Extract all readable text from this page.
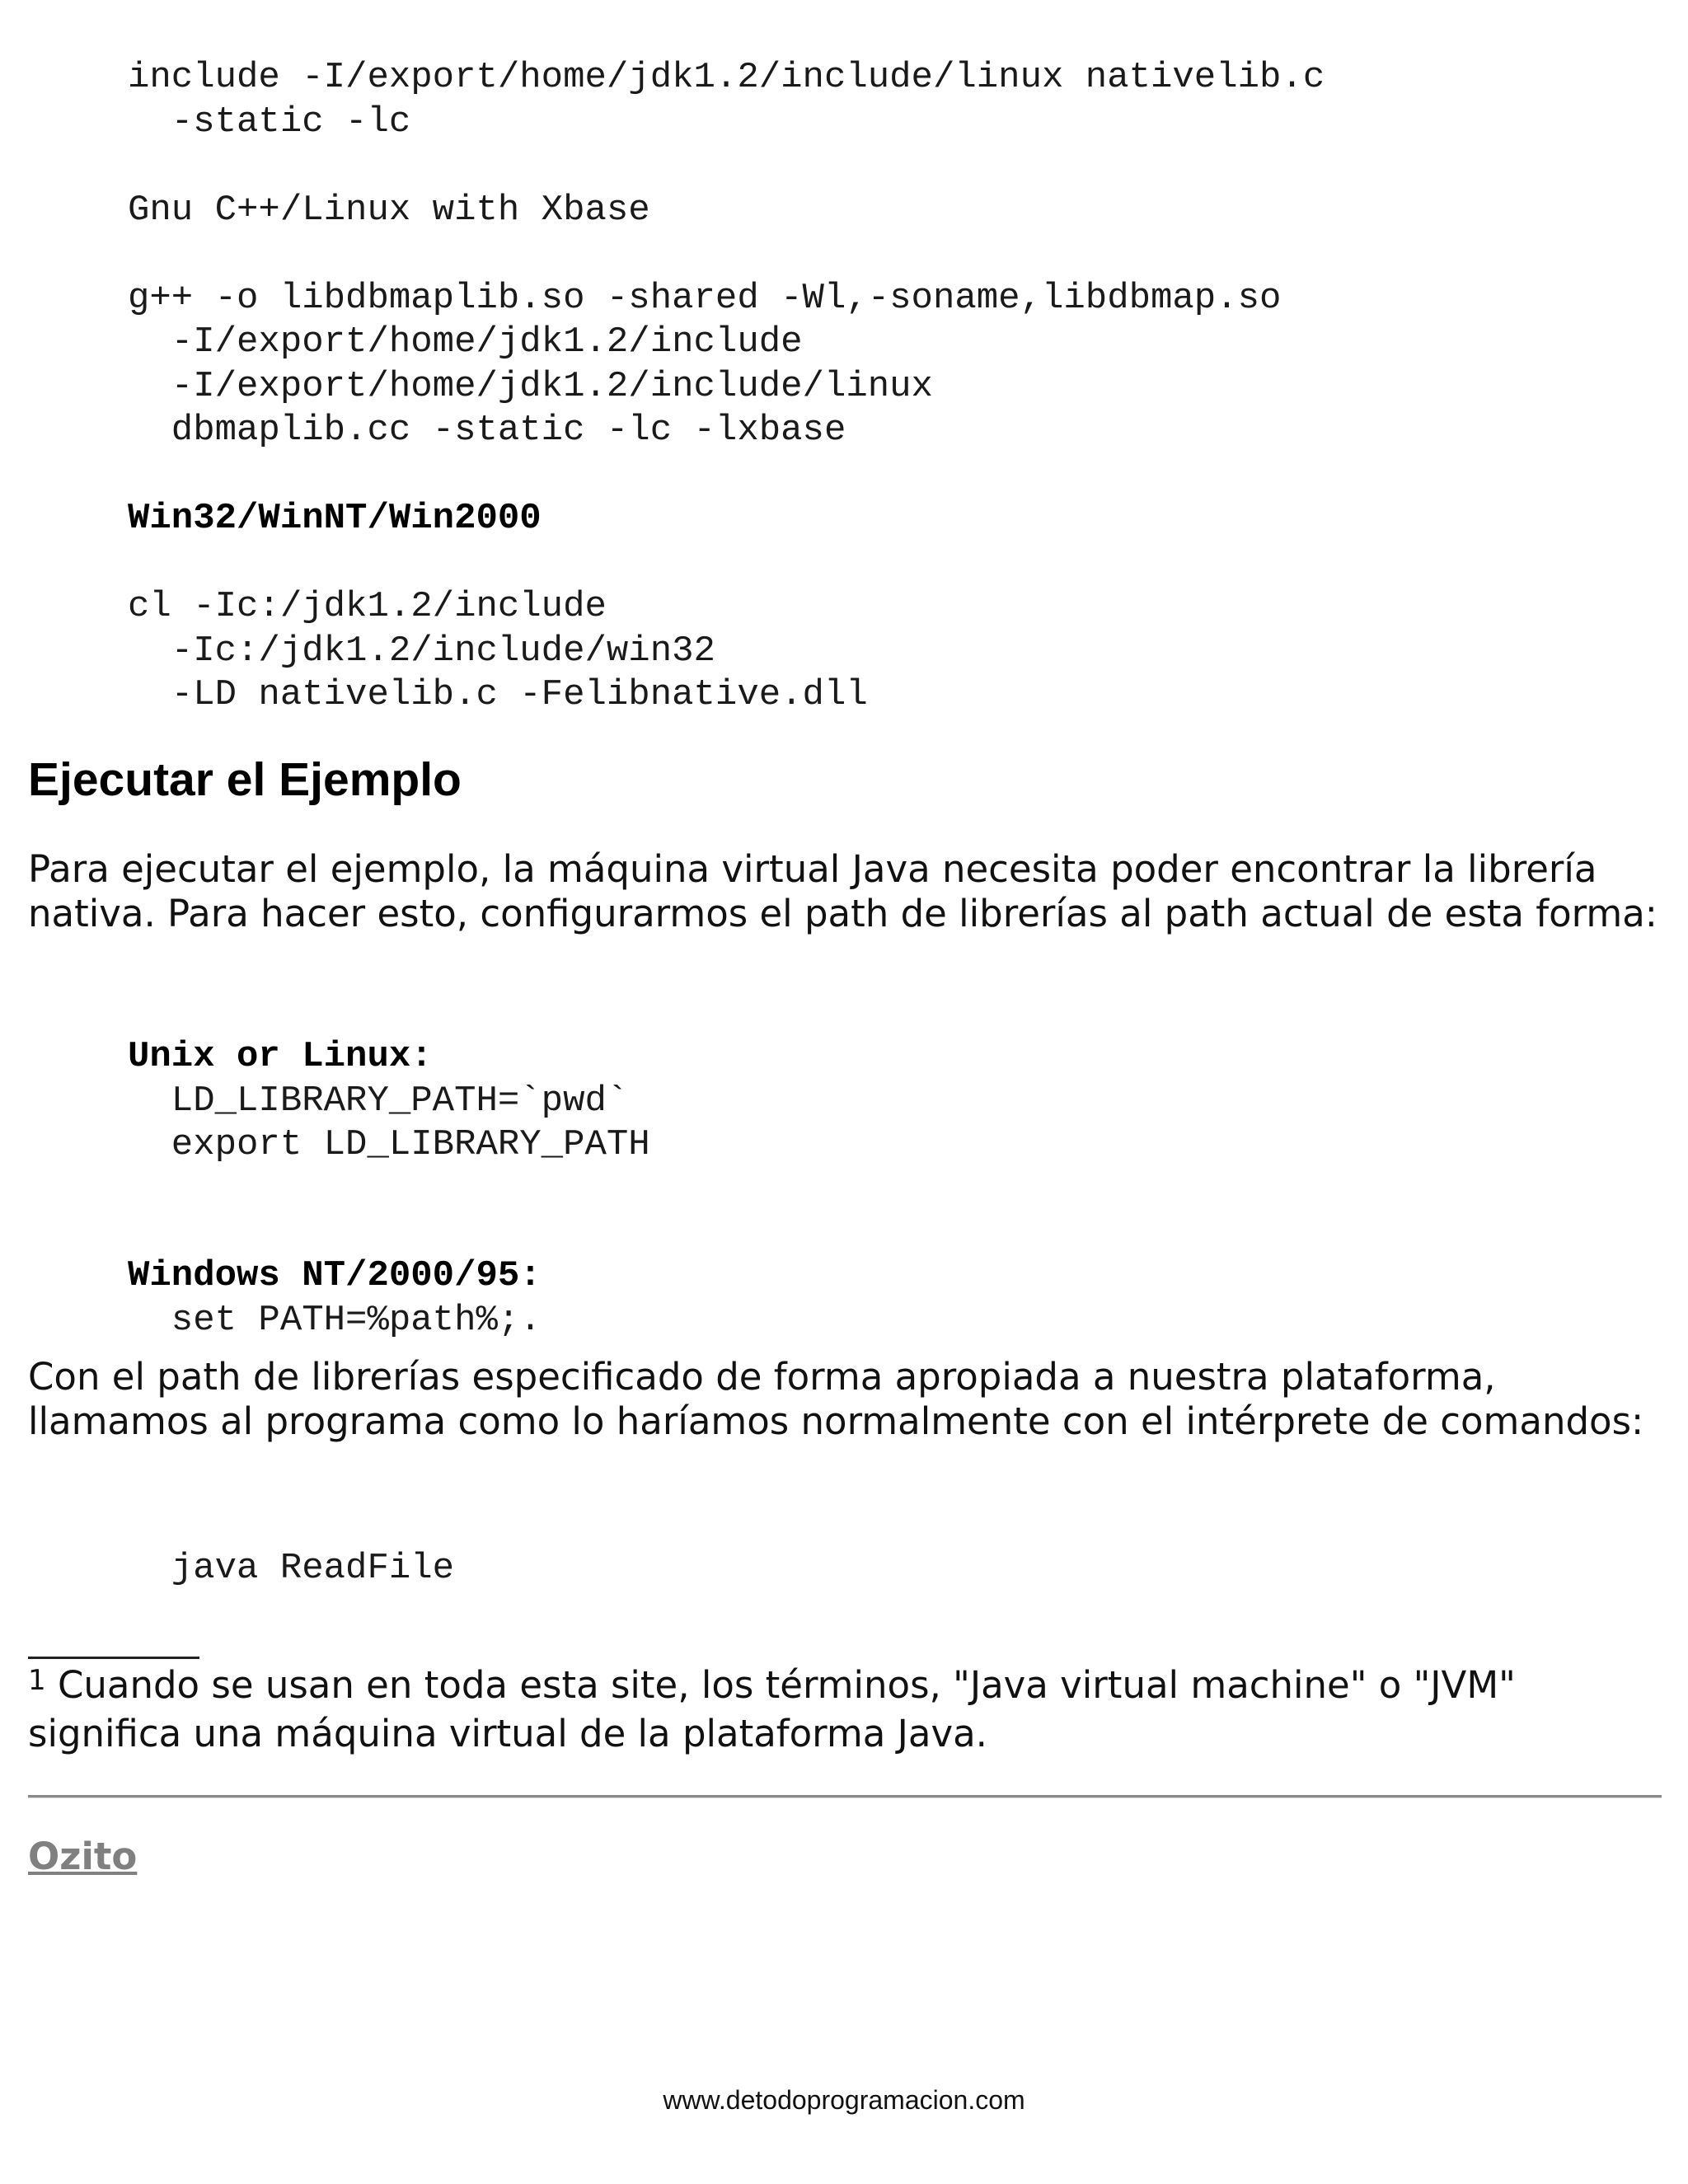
include -I/export/home/jdk1.2/include/linux nativelib.c
-static -lc

Gnu C++/Linux with Xbase

g++ -o libdbmaplib.so -shared -Wl,-soname,libdbmap.so
-I/export/home/jdk1.2/include
-I/export/home/jdk1.2/include/linux
dbmaplib.cc -static -lc -lxbase
Win32/WinNT/Win2000

cl -Ic:/jdk1.2/include
-Ic:/jdk1.2/include/win32
-LD nativelib.c -Felibnative.dll
Ejecutar el Ejemplo

Para ejecutar el ejemplo, la máquina virtual Java necesita poder encontrar la librería nativa. Para hacer esto, configurarmos el path de librerías al path actual de esta forma:

Unix or Linux:
LD_LIBRARY_PATH=`pwd`
export LD_LIBRARY_PATH
Windows NT/2000/95:
set PATH=%path%;.

Con el path de librerías especificado de forma apropiada a nuestra plataforma, llamamos al programa como lo haríamos normalmente con el intérprete de comandos:

java ReadFile

$^1$ Cuando se usan en toda esta site, los términos, "Java virtual machine" o "JVM" significa una máquina virtual de la plataforma Java.

Ozito
www.detodoprogramacion.com
